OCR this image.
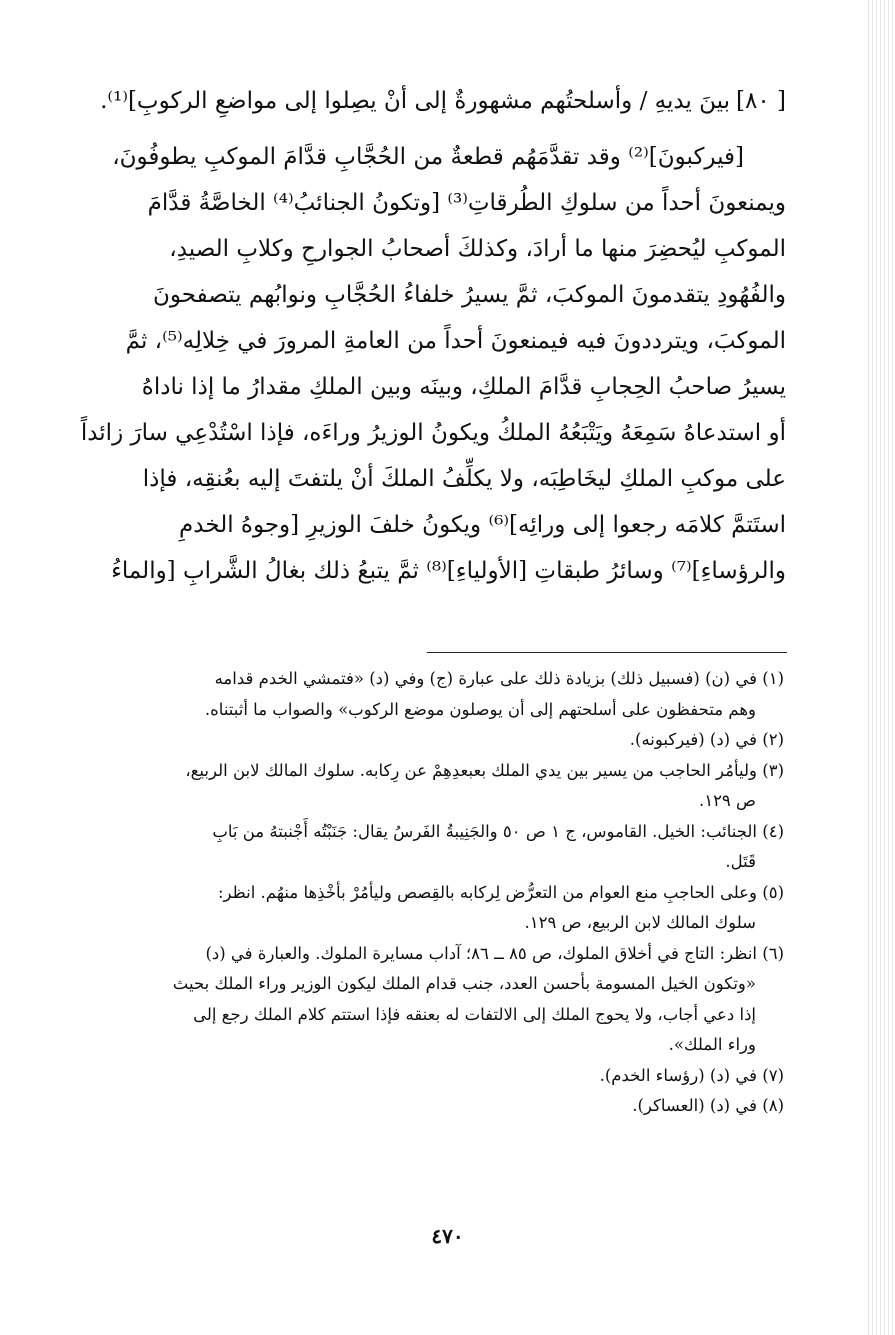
[ ٨٠]بينَ يديهِ / وأسلحتُهم مشهورةٌ إلى أنْ يصِلوا إلى مواضعِ الركوبِ]⁽¹⁾.
[فيركبونَ]⁽²⁾ وقد تقدَّمَهُم قطعةٌ من الحُجَّابِ قدَّامَ الموكبِ يطوفُونَ،
ويمنعونَ أحداً من سلوكِ الطُرقاتِ⁽³⁾ [وتكونُ الجنائبُ⁽⁴⁾ الخاصَّةُ قدَّامَ
الموكبِ ليُحضِرَ منها ما أرادَ، وكذلكَ أصحابُ الجوارحِ وكلابِ الصيدِ،
والفُهُودِ يتقدمونَ الموكبَ، ثمَّ يسيرُ خلفاءُ الحُجَّابِ ونوابُهم يتصفحونَ
الموكبَ، ويترددونَ فيه فيمنعونَ أحداً من العامةِ المرورَ في خِلالِه⁽⁵⁾، ثمَّ
يسيرُ صاحبُ الحِجابِ قدَّامَ الملكِ، وبينَه وبين الملكِ مقدارُ ما إذا ناداهُ
أو استدعاهُ سَمِعَهُ ويَتْبَعُهُ الملكُ ويكونُ الوزيرُ وراءَه، فإذا اسْتُدْعِي سارَ زائداً
على موكبِ الملكِ ليخَاطِبَه، ولا يكلِّفُ الملكَ أنْ يلتفتَ إليه بعُنقِه، فإذا
استَتمَّ كلامَه رجعوا إلى ورائِه]⁽⁶⁾ ويكونُ خلفَ الوزيرِ [وجوهُ الخدمِ
والرؤساءِ]⁽⁷⁾ وسائرُ طبقاتِ [الأولياءِ]⁽⁸⁾ ثمَّ يتبعُ ذلك بغالُ الشَّرابِ [والماءُ
(١) في (ن) (فسبيل ذلك) بزيادة ذلك على عبارة (ج) وفي (د) «فتمشي الخدم قدامه
وهم متحفظون على أسلحتهم إلى أن يوصلون موضع الركوب» والصواب ما أثبتناه.
(٢) في (د) (فيركبونه).
(٣) وليأمُر الحاجب من يسير بين يدي الملك بعبعدِهِمْ عن رِكابه. سلوك المالك لابن الربيع،
ص ١٢٩.
(٤) الجنائب: الخيل. القاموس، ج ١ ص ٥٠ والجَنِيبةُ الفَرسُ يقال: جَنَبْتُه أَجْنبتهُ من بَابِ
قَتَل.
(٥) وعلى الحاجبِ منع العوام من التعرُّض لِركابه بالقِصص وليأمُرْ بأخْذِها منهُم. انظر:
سلوك المالك لابن الربيع، ص ١٢٩.
(٦) انظر: التاج في أخلاق الملوك، ص ٨٥ ــ ٨٦؛ آداب مسايرة الملوك. والعبارة في (د)
«وتكون الخيل المسومة بأحسن العدد، جنب قدام الملك ليكون الوزير وراء الملك بحيث
إذا دعي أجاب، ولا يحوج الملك إلى الالتفات له بعنقه فإذا استتم كلام الملك رجع إلى
وراء الملك».
(٧) في (د) (رؤساء الخدم).
(٨) في (د) (العساكر).
٤٧٠
